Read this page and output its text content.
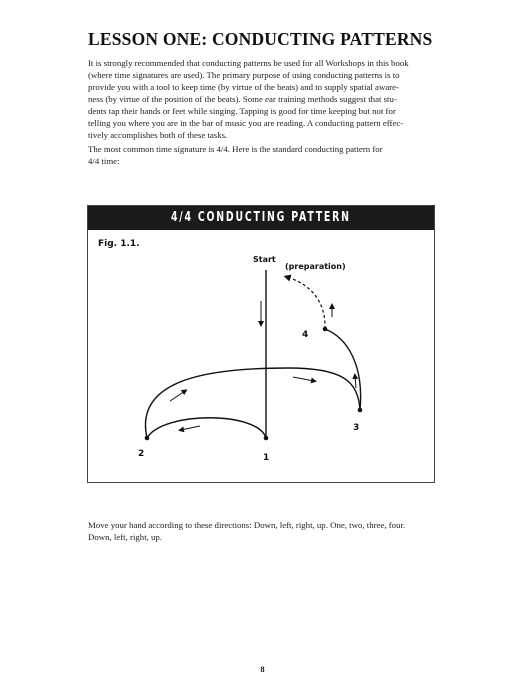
LESSON ONE: CONDUCTING PATTERNS

It is strongly recommended that conducting patterns be used for all Workshops in this book
(where time signatures are used). The primary purpose of using conducting patterns is to
provide you with a tool to keep time (by virtue of the beats) and to supply spatial aware-
ness (by virtue of the position of the beats). Some ear training methods suggest that stu-
dents tap their hands or feet while singing. Tapping is good for time keeping but not for
telling you where you are in the bar of music you are reading. A conducting pattern effec-
tively accomplishes both of these tasks.

The most common time signature is 4/4. Here is the standard conducting pattern for
4/4 time:

4/4 CONDUCTING PATTERN
Fig. 1.1.
Start
(preparation)
1
2
3
4

Move your hand according to these directions: Down, left, right, up. One, two, three, four.
Down, left, right, up.

8
